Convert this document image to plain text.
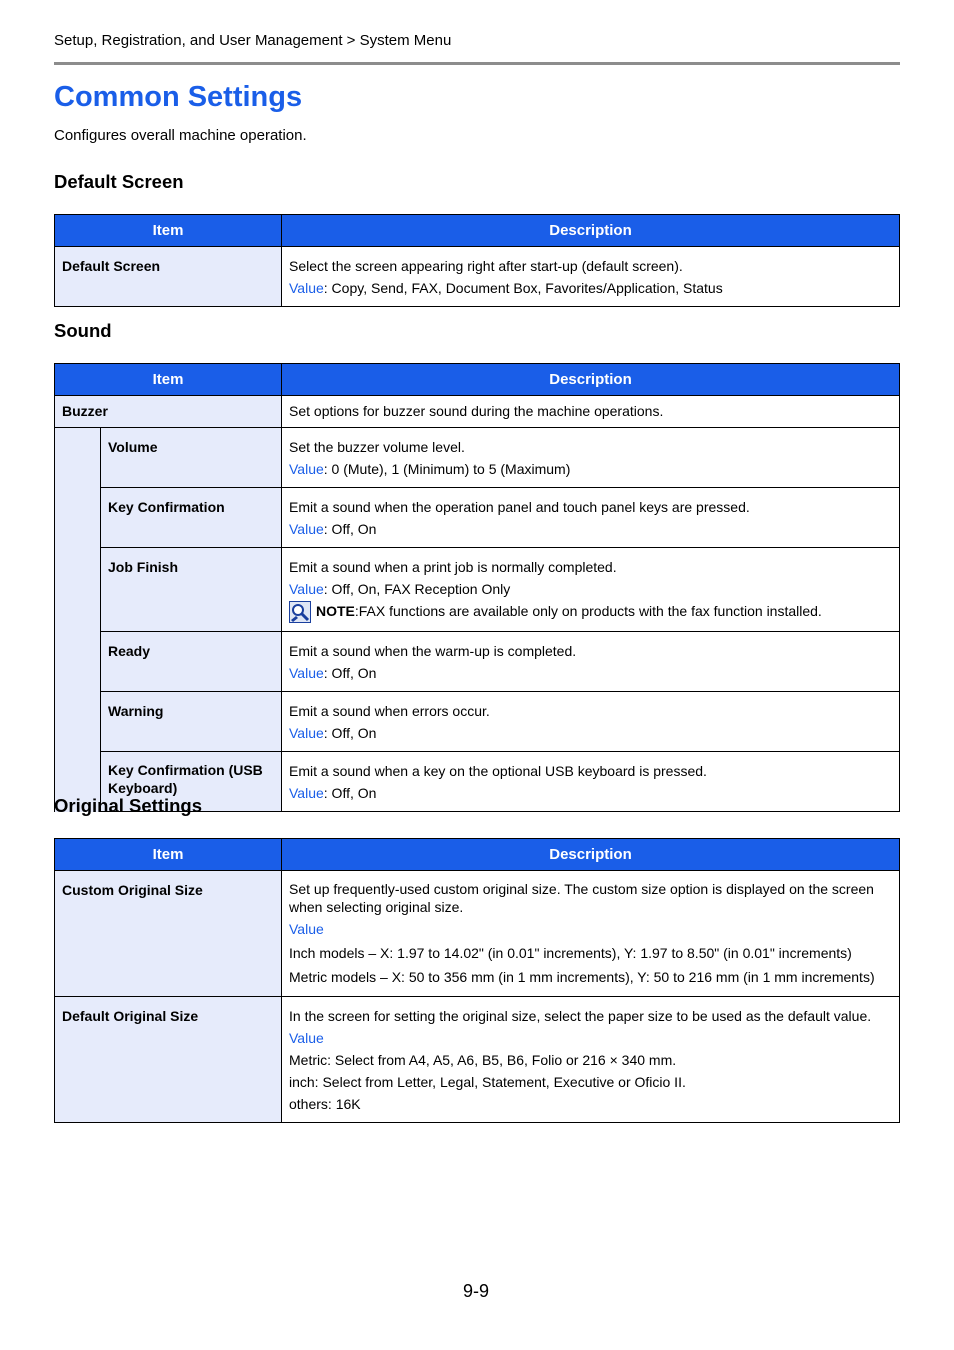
Setup, Registration, and User Management > System Menu
Common Settings
Configures overall machine operation.
Default Screen
Item	Description
Default Screen	Select the screen appearing right after start-up (default screen).
Value: Copy, Send, FAX, Document Box, Favorites/Application, Status
Sound
Item		Description
Buzzer		Set options for buzzer sound during the machine operations.
	Volume	Set the buzzer volume level.
Value: 0 (Mute), 1 (Minimum) to 5 (Maximum)

	Key Confirmation	Emit a sound when the operation panel and touch panel keys are pressed.
Value: Off, On

	Job Finish	Emit a sound when a print job is normally completed.
Value: Off, On, FAX Reception Only
NOTE:FAX functions are available only on products with the fax function installed.

	Ready	Emit a sound when the warm-up is completed.
Value: Off, On

	Warning	Emit a sound when errors occur.
Value: Off, On

	Key Confirmation (USB Keyboard)	Emit a sound when a key on the optional USB keyboard is pressed.
Value: Off, On
Original Settings
Item	Description
Custom Original Size	Set up frequently-used custom original size. The custom size option is displayed on the screen when selecting original size.
Value
Inch models – X: 1.97 to 14.02" (in 0.01" increments), Y: 1.97 to 8.50" (in 0.01" increments)
Metric models – X: 50 to 356 mm (in 1 mm increments), Y: 50 to 216 mm (in 1 mm increments)

Default Original Size	In the screen for setting the original size, select the paper size to be used as the default value.
Value
Metric: Select from A4, A5, A6, B5, B6, Folio or 216 × 340 mm.
inch: Select from Letter, Legal, Statement, Executive or Oficio II.
others: 16K
9-9
